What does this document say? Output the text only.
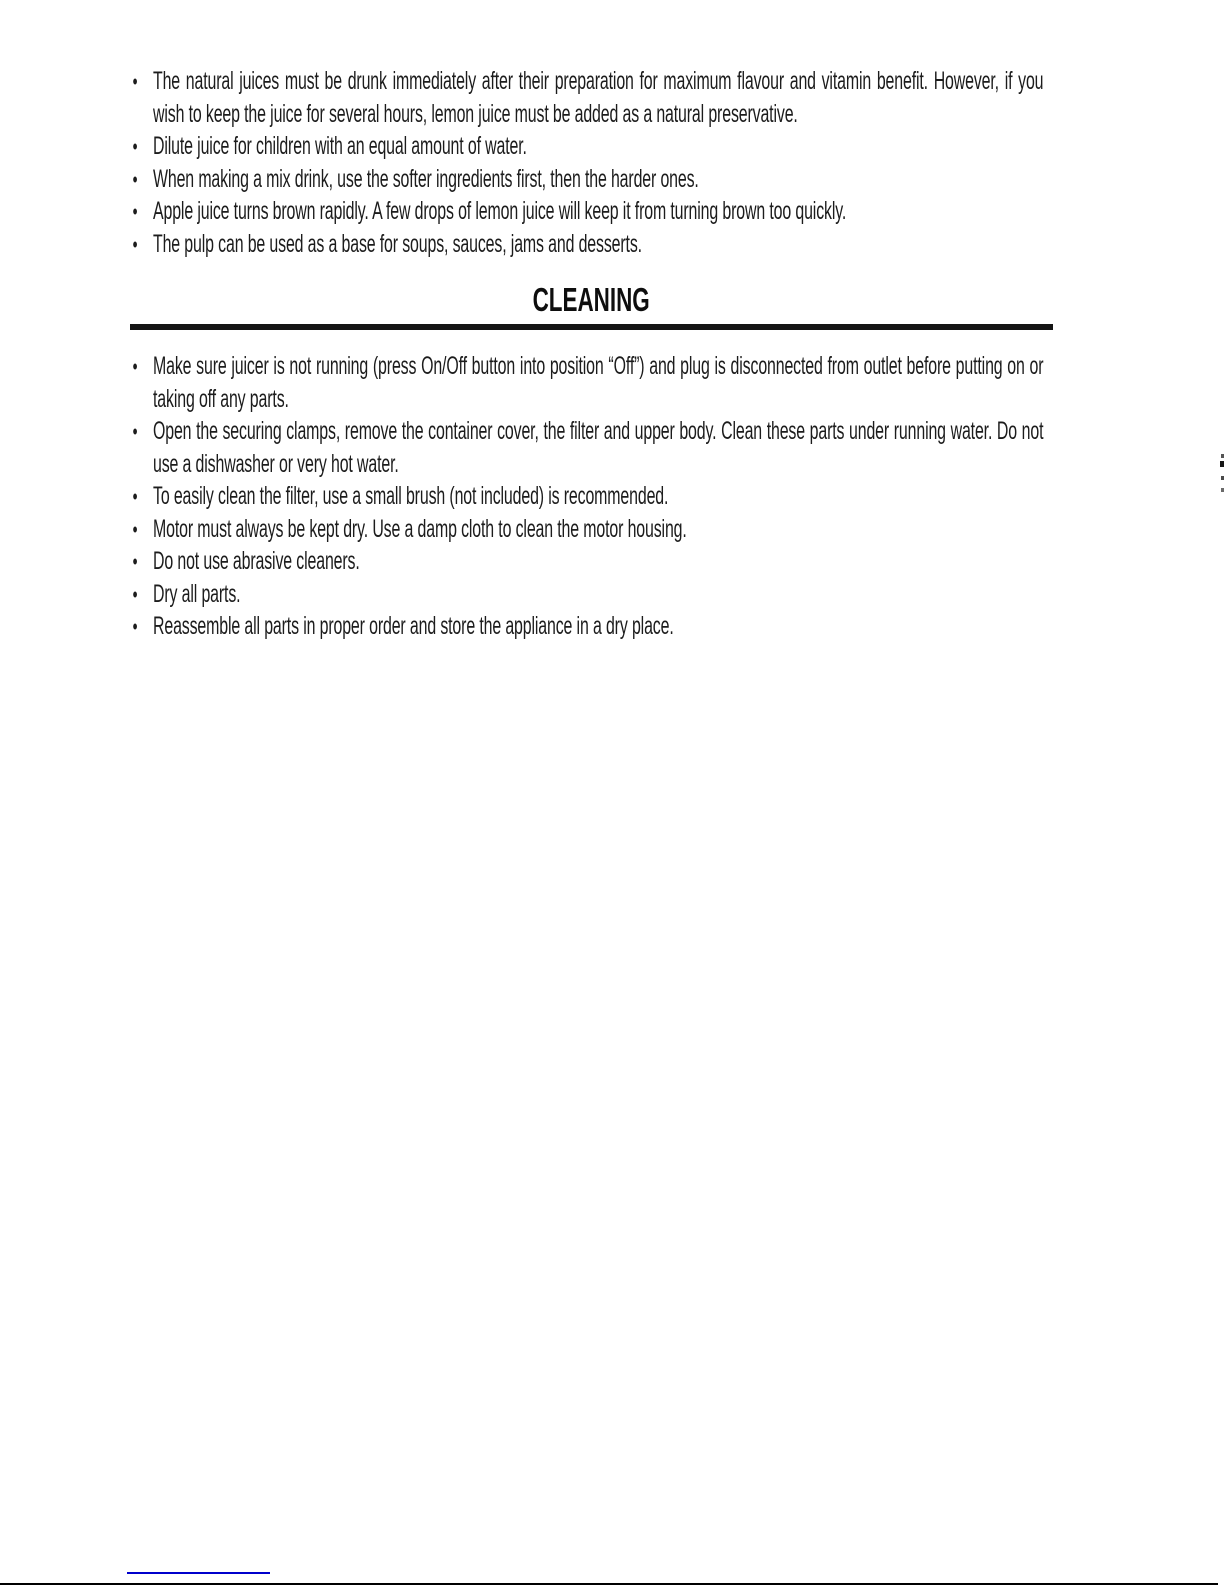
• The natural juices must be drunk immediately after their preparation for maximum flavour and vitamin benefit. However, if you wish to keep the juice for several hours, lemon juice must be added as a natural preservative.
• Dilute juice for children with an equal amount of water.
• When making a mix drink, use the softer ingredients first, then the harder ones.
• Apple juice turns brown rapidly. A few drops of lemon juice will keep it from turning brown too quickly.
• The pulp can be used as a base for soups, sauces, jams and desserts.
CLEANING
• Make sure juicer is not running (press On/Off button into position “Off”) and plug is disconnected from outlet before putting on or taking off any parts.
• Open the securing clamps, remove the container cover, the filter and upper body. Clean these parts under running water. Do not use a dishwasher or very hot water.
• To easily clean the filter, use a small brush (not included) is recommended.
• Motor must always be kept dry. Use a damp cloth to clean the motor housing.
• Do not use abrasive cleaners.
• Dry all parts.
• Reassemble all parts in proper order and store the appliance in a dry place.
